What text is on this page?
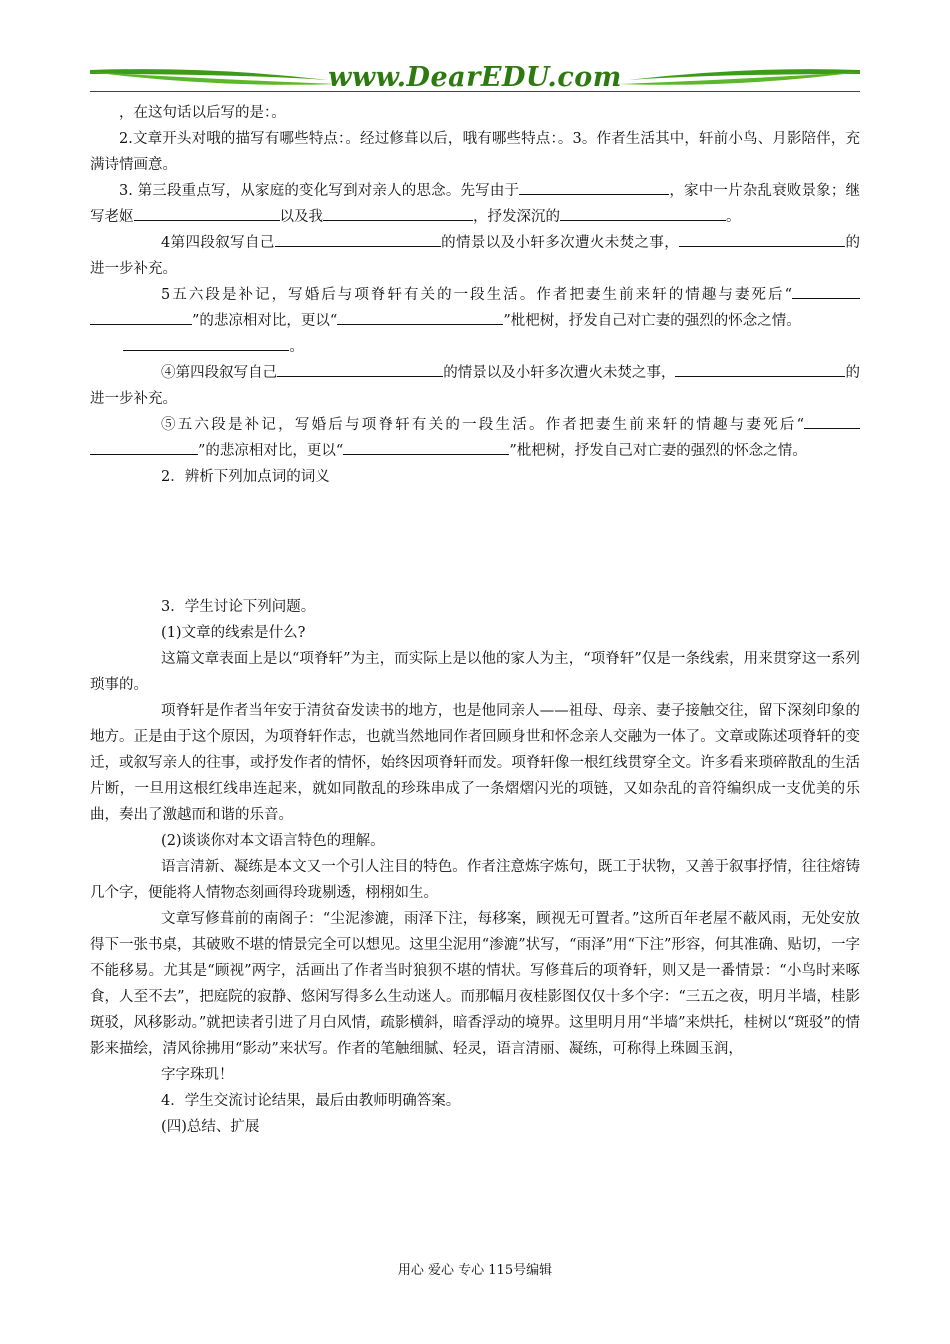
www.DearEDU.com

，在这句话以后写的是：。

2.文章开头对哦的描写有哪些特点：。经过修葺以后，哦有哪些特点：。3。作者生活其中，轩前小鸟、月影陪伴，充满诗情画意。

3. 第三段重点写，从家庭的变化写到对亲人的思念。先写由于	，家中一片杂乱衰败景象；继写老妪	以及我	，抒发深沉的	。

4第四段叙写自己	的情景以及小轩多次遭火未焚之事，	的进一步补充。

5五六段是补记，写婚后与项脊轩有关的一段生活。作者把妻生前来轩的情趣与妻死后“”的悲凉相对比，更以“	”枇杷树，抒发自己对亡妻的强烈的怀念之情。

。

④第四段叙写自己	的情景以及小轩多次遭火未焚之事，	的进一步补充。

⑤五六段是补记，写婚后与项脊轩有关的一段生活。作者把妻生前来轩的情趣与妻死后“”的悲凉相对比，更以“	”枇杷树，抒发自己对亡妻的强烈的怀念之情。

2．辨析下列加点词的词义

3．学生讨论下列问题。

(1)文章的线索是什么?

这篇文章表面上是以“项脊轩”为主，而实际上是以他的家人为主，“项脊轩”仅是一条线索，用来贯穿这一系列琐事的。

项脊轩是作者当年安于清贫奋发读书的地方，也是他同亲人——祖母、母亲、妻子接触交往，留下深刻印象的地方。正是由于这个原因，为项脊轩作志，也就当然地同作者回顾身世和怀念亲人交融为一体了。文章或陈述项脊轩的变迁，或叙写亲人的往事，或抒发作者的情怀，始终因项脊轩而发。项脊轩像一根红线贯穿全文。许多看来琐碎散乱的生活片断，一旦用这根红线串连起来，就如同散乱的珍珠串成了一条熠熠闪光的项链，又如杂乱的音符编织成一支优美的乐曲，奏出了激越而和谐的乐音。

(2)谈谈你对本文语言特色的理解。

语言清新、凝练是本文又一个引人注目的特色。作者注意炼字炼句，既工于状物，又善于叙事抒情，往往熔铸几个字，便能将人情物态刻画得玲珑剔透，栩栩如生。

文章写修葺前的南阁子：“尘泥渗漉，雨泽下注，每移案，顾视无可置者。”这所百年老屋不蔽风雨，无处安放得下一张书桌，其破败不堪的情景完全可以想见。这里尘泥用“渗漉”状写，“雨泽”用“下注”形容，何其准确、贴切，一字不能移易。尤其是“顾视”两字，活画出了作者当时狼狈不堪的情状。写修葺后的项脊轩，则又是一番情景：“小鸟时来啄食，人至不去”，把庭院的寂静、悠闲写得多么生动迷人。而那幅月夜桂影图仅仅十多个字：“三五之夜，明月半墙，桂影斑驳，风移影动。”就把读者引进了月白风情，疏影横斜，暗香浮动的境界。这里明月用“半墙”来烘托，桂树以“斑驳”的情影来描绘，清风徐拂用“影动”来状写。作者的笔触细腻、轻灵，语言清丽、凝练，可称得上珠圆玉润，

字字珠玑！

4．学生交流讨论结果，最后由教师明确答案。

(四)总结、扩展

用心 爱心 专心 115号编辑
